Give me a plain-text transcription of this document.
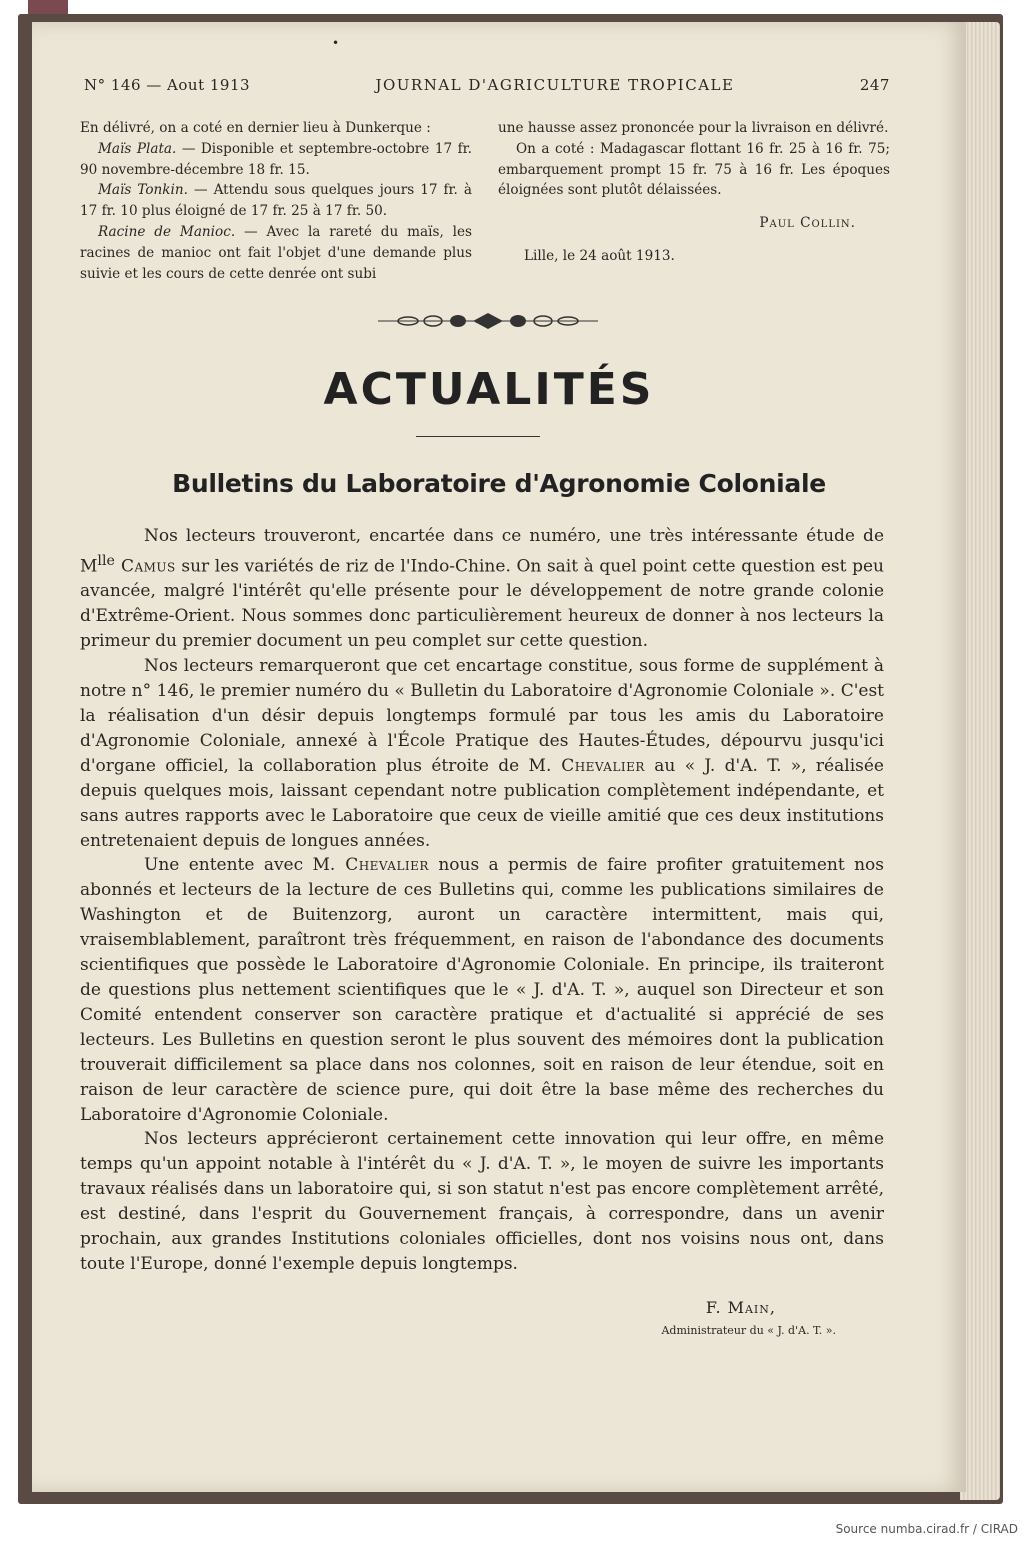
•
N° 146 — Aout 1913	JOURNAL D'AGRICULTURE TROPICALE	247

En délivré, on a coté en dernier lieu à Dunkerque :

Maïs Plata. — Disponible et septembre-octobre 17 fr. 90 novembre-décembre 18 fr. 15.

Maïs Tonkin. — Attendu sous quelques jours 17 fr. à 17 fr. 10 plus éloigné de 17 fr. 25 à 17 fr. 50.

Racine de Manioc. — Avec la rareté du maïs, les racines de manioc ont fait l'objet d'une demande plus suivie et les cours de cette denrée ont subi

une hausse assez prononcée pour la livraison en délivré.

On a coté : Madagascar flottant 16 fr. 25 à 16 fr. 75; embarquement prompt 15 fr. 75 à 16 fr. Les époques éloignées sont plutôt délaissées.

Paul Collin.

Lille, le 24 août 1913.

ACTUALITÉS
Bulletins du Laboratoire d'Agronomie Coloniale

Nos lecteurs trouveront, encartée dans ce numéro, une très intéressante étude de $M^{lle}$ Camus sur les variétés de riz de l'Indo-Chine. On sait à quel point cette question est peu avancée, malgré l'intérêt qu'elle présente pour le développement de notre grande colonie d'Extrême-Orient. Nous sommes donc particulièrement heureux de donner à nos lecteurs la primeur du premier document un peu complet sur cette question.

Nos lecteurs remarqueront que cet encartage constitue, sous forme de supplément à notre n° 146, le premier numéro du « Bulletin du Laboratoire d'Agronomie Coloniale ». C'est la réalisation d'un désir depuis longtemps formulé par tous les amis du Laboratoire d'Agronomie Coloniale, annexé à l'École Pratique des Hautes-Études, dépourvu jusqu'ici d'organe officiel, la collaboration plus étroite de M. Chevalier au « J. d'A. T. », réalisée depuis quelques mois, laissant cependant notre publication complètement indépendante, et sans autres rapports avec le Laboratoire que ceux de vieille amitié que ces deux institutions entretenaient depuis de longues années.

Une entente avec M. Chevalier nous a permis de faire profiter gratuitement nos abonnés et lecteurs de la lecture de ces Bulletins qui, comme les publications similaires de Washington et de Buitenzorg, auront un caractère intermittent, mais qui, vraisemblablement, paraîtront très fréquemment, en raison de l'abondance des documents scientifiques que possède le Laboratoire d'Agronomie Coloniale. En principe, ils traiteront de questions plus nettement scientifiques que le « J. d'A. T. », auquel son Directeur et son Comité entendent conserver son caractère pratique et d'actualité si apprécié de ses lecteurs. Les Bulletins en question seront le plus souvent des mémoires dont la publication trouverait difficilement sa place dans nos colonnes, soit en raison de leur étendue, soit en raison de leur caractère de science pure, qui doit être la base même des recherches du Laboratoire d'Agronomie Coloniale.

Nos lecteurs apprécieront certainement cette innovation qui leur offre, en même temps qu'un appoint notable à l'intérêt du « J. d'A. T. », le moyen de suivre les importants travaux réalisés dans un laboratoire qui, si son statut n'est pas encore complètement arrêté, est destiné, dans l'esprit du Gouvernement français, à correspondre, dans un avenir prochain, aux grandes Institutions coloniales officielles, dont nos voisins nous ont, dans toute l'Europe, donné l'exemple depuis longtemps.

F. Main,
Administrateur du « J. d'A. T. ».
Source numba.cirad.fr / CIRAD
